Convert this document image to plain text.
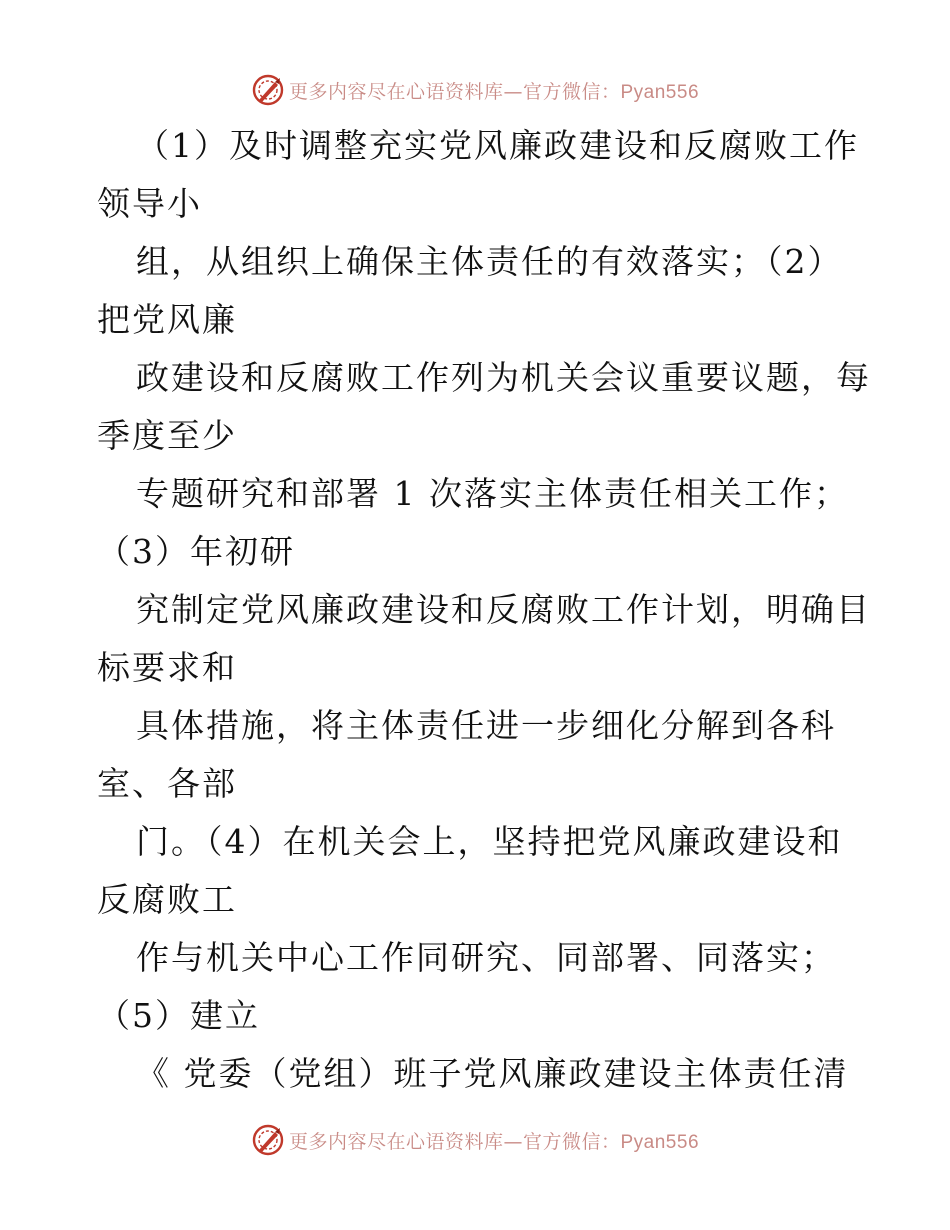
更多内容尽在心语资料库—官方微信：Pyan556
（1）及时调整充实党风廉政建设和反腐败工作
领导小
组，从组织上确保主体责任的有效落实；（2）
把党风廉
政建设和反腐败工作列为机关会议重要议题，每
季度至少
专题研究和部署 1 次落实主体责任相关工作；
（3）年初研
究制定党风廉政建设和反腐败工作计划，明确目
标要求和
具体措施，将主体责任进一步细化分解到各科
室、各部
门。（4）在机关会上，坚持把党风廉政建设和
反腐败工
作与机关中心工作同研究、同部署、同落实；
（5）建立
《 党委（党组）班子党风廉政建设主体责任清
更多内容尽在心语资料库—官方微信：Pyan556
